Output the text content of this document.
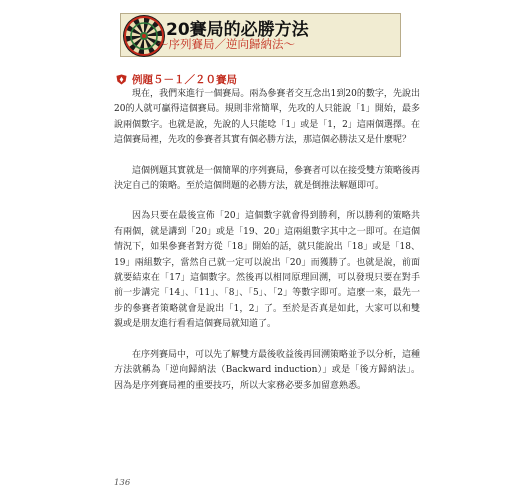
20賽局的必勝方法
～序列賽局／逆向歸納法～
例題５－１／２０賽局

現在，我們來進行一個賽局。兩為參賽者交互念出1到20的數字，先說出20的人就可贏得這個賽局。規則非常簡單，先攻的人只能說「1」開始，最多說兩個數字。也就是說，先說的人只能唸「1」或是「1，2」這兩個選擇。在這個賽局裡，先攻的參賽者其實有個必勝方法，那這個必勝法又是什麼呢？

這個例題其實就是一個簡單的序列賽局，參賽者可以在接受雙方策略後再決定自己的策略。至於這個問題的必勝方法，就是倒推法解題即可。

因為只要在最後宣佈「20」這個數字就會得到勝利，所以勝利的策略共有兩個，就是講到「20」或是「19、20」這兩組數字其中之一即可。在這個情況下，如果參賽者對方從「18」開始的話，就只能說出「18」或是「18、19」兩組數字，當然自己就一定可以說出「20」而獲勝了。也就是說，前面就要結束在「17」這個數字。然後再以相同原理回溯，可以發現只要在對手前一步講完「14」、「11」、「8」、「5」、「2」等數字即可。這麼一來，最先一步的參賽者策略就會是說出「1，2」了。至於是否真是如此，大家可以和雙親或是朋友進行看看這個賽局就知道了。

在序列賽局中，可以先了解雙方最後收益後再回溯策略並予以分析，這種方法就稱為「逆向歸納法（Backward induction）」或是「後方歸納法」。因為是序列賽局裡的重要技巧，所以大家務必要多加留意熟悉。

136
